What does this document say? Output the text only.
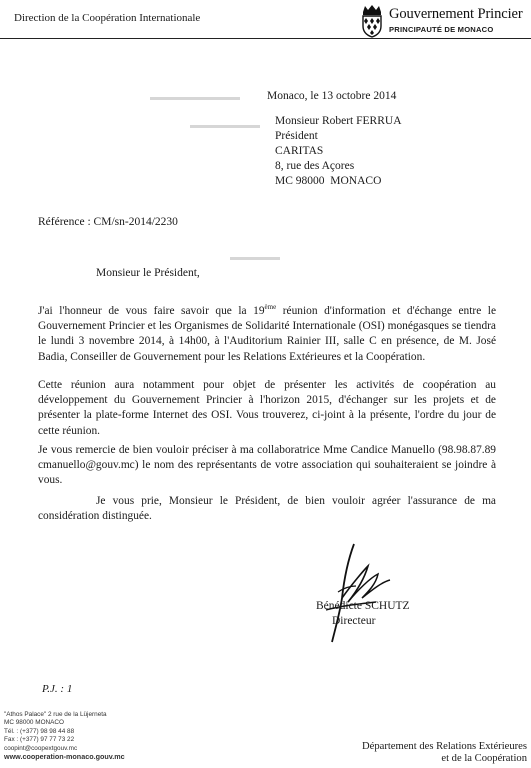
Direction de la Coopération Internationale	Gouvernement Princier
PRINCIPAUTÉ DE MONACO
▬▬▬▬▬▬▬▬▬
▬▬▬▬▬▬▬
▬▬▬▬▬
Monaco, le 13 octobre 2014
Monsieur Robert FERRUA
Président
CARITAS
8, rue des Açores
MC 98000  MONACO
Référence : CM/sn-2014/2230
Monsieur le Président,
J'ai l'honneur de vous faire savoir que la 19ème réunion d'information et d'échange entre le Gouvernement Princier et les Organismes de Solidarité Internationale (OSI) monégasques se tiendra le lundi 3 novembre 2014, à 14h00, à l'Auditorium Rainier III, salle C en présence, de M. José Badia, Conseiller de Gouvernement pour les Relations Extérieures et la Coopération.
Cette réunion aura notamment pour objet de présenter les activités de coopération au développement du Gouvernement Princier à l'horizon 2015, d'échanger sur les projets et de présenter la plate-forme Internet des OSI. Vous trouverez, ci-joint à la présente, l'ordre du jour de cette réunion.
Je vous remercie de bien vouloir préciser à ma collaboratrice Mme Candice Manuello (98.98.87.89 cmanuello@gouv.mc) le nom des représentants de votre association qui souhaiteraient se joindre à vous.
Je vous prie, Monsieur le Président, de bien vouloir agréer l'assurance de ma considération distinguée.
Bénédicte SCHUTZ
Directeur
P.J. : 1
"Athos Palace" 2 rue de la Lüjerneta
MC 98000 MONACO
Tél. : (+377) 98 98 44 88
Fax : (+377) 97 77 73 22
coopint@coopextgouv.mc
www.cooperation-monaco.gouv.mc
Département des Relations Extérieures
et de la Coopération
